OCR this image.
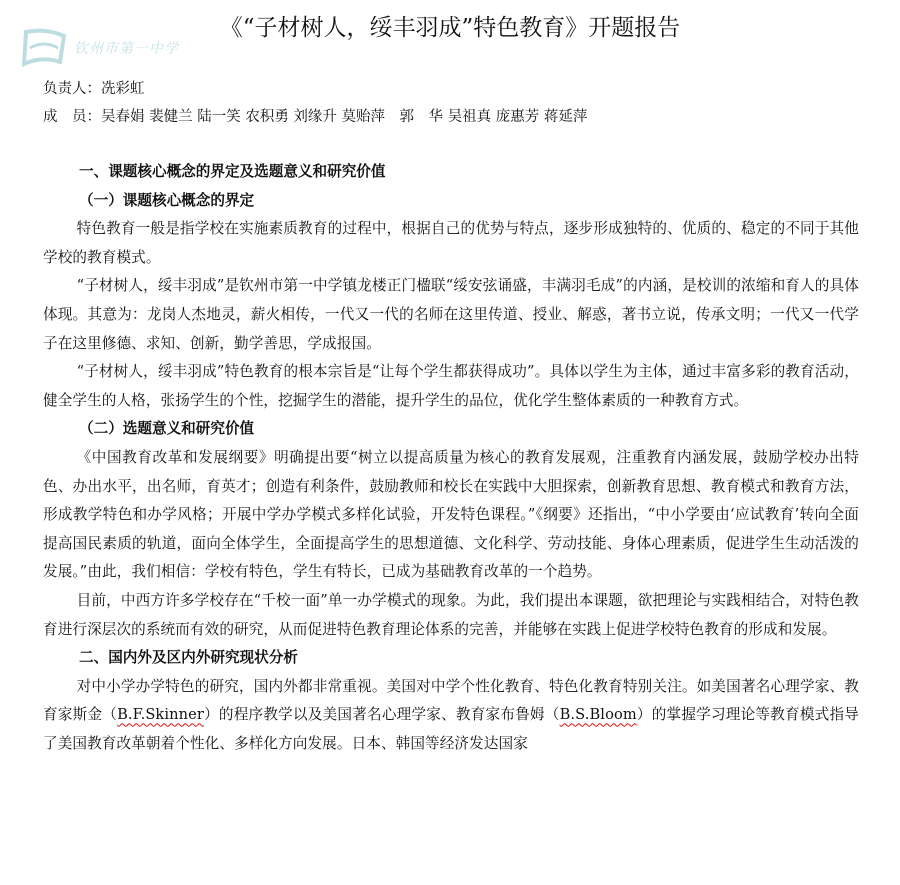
钦州市第一中学
《“子材树人，绥丰羽成”特色教育》开题报告
负责人：冼彩虹
成　员：吴春娟 裴健兰 陆一笑 农积勇 刘缘升 莫贻萍　郭　华 吴祖真 庞惠芳 蒋延萍
一、课题核心概念的界定及选题意义和研究价值
（一）课题核心概念的界定

特色教育一般是指学校在实施素质教育的过程中，根据自己的优势与特点，逐步形成独特的、优质的、稳定的不同于其他学校的教育模式。

“子材树人，绥丰羽成”是钦州市第一中学镇龙楼正门楹联“绥安弦诵盛，丰满羽毛成”的内涵，是校训的浓缩和育人的具体体现。其意为：龙岗人杰地灵，薪火相传，一代又一代的名师在这里传道、授业、解惑，著书立说，传承文明；一代又一代学子在这里修德、求知、创新，勤学善思，学成报国。

“子材树人，绥丰羽成”特色教育的根本宗旨是“让每个学生都获得成功”。具体以学生为主体，通过丰富多彩的教育活动，健全学生的人格，张扬学生的个性，挖掘学生的潜能，提升学生的品位，优化学生整体素质的一种教育方式。

（二）选题意义和研究价值

《中国教育改革和发展纲要》明确提出要“树立以提高质量为核心的教育发展观，注重教育内涵发展，鼓励学校办出特色、办出水平，出名师，育英才；创造有利条件，鼓励教师和校长在实践中大胆探索，创新教育思想、教育模式和教育方法，形成教学特色和办学风格；开展中学办学模式多样化试验，开发特色课程。”《纲要》还指出，“中小学要由‘应试教育’转向全面提高国民素质的轨道，面向全体学生，全面提高学生的思想道德、文化科学、劳动技能、身体心理素质，促进学生生动活泼的发展。”由此，我们相信：学校有特色，学生有特长，已成为基础教育改革的一个趋势。

目前，中西方许多学校存在“千校一面”单一办学模式的现象。为此，我们提出本课题，欲把理论与实践相结合，对特色教育进行深层次的系统而有效的研究，从而促进特色教育理论体系的完善，并能够在实践上促进学校特色教育的形成和发展。

二、国内外及区内外研究现状分析

对中小学办学特色的研究，国内外都非常重视。美国对中学个性化教育、特色化教育特别关注。如美国著名心理学家、教育家斯金（B.F.Skinner）的程序教学以及美国著名心理学家、教育家布鲁姆（B.S.Bloom）的掌握学习理论等教育模式指导了美国教育改革朝着个性化、多样化方向发展。日本、韩国等经济发达国家
